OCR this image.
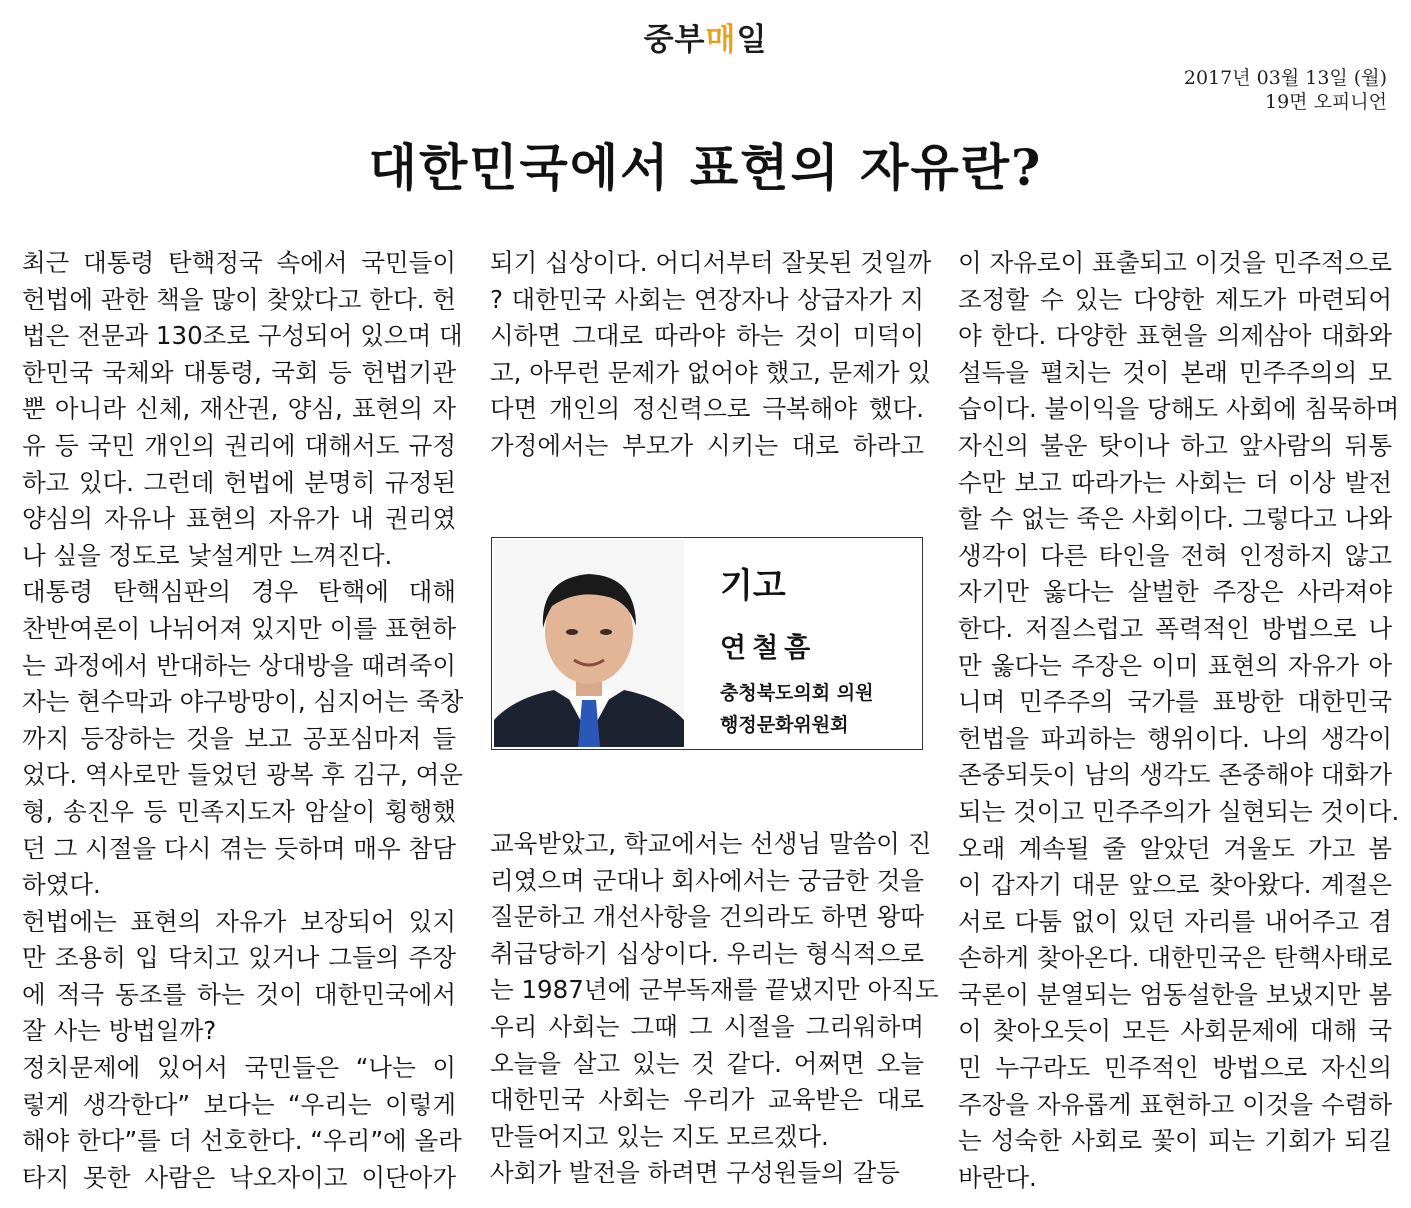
중부매일
2017년 03월 13일 (월)
19면 오피니언
대한민국에서 표현의 자유란?
최근 대통령 탄핵정국 속에서 국민들이
헌법에 관한 책을 많이 찾았다고 한다. 헌
법은 전문과 130조로 구성되어 있으며 대
한민국 국체와 대통령, 국회 등 헌법기관
뿐 아니라 신체, 재산권, 양심, 표현의 자
유 등 국민 개인의 권리에 대해서도 규정
하고 있다. 그런데 헌법에 분명히 규정된
양심의 자유나 표현의 자유가 내 권리였
나 싶을 정도로 낯설게만 느껴진다.
대통령 탄핵심판의 경우 탄핵에 대해
찬반여론이 나뉘어져 있지만 이를 표현하
는 과정에서 반대하는 상대방을 때려죽이
자는 현수막과 야구방망이, 심지어는 죽창
까지 등장하는 것을 보고 공포심마저 들
었다. 역사로만 들었던 광복 후 김구, 여운
형, 송진우 등 민족지도자 암살이 횡행했
던 그 시절을 다시 겪는 듯하며 매우 참담
하였다.
헌법에는 표현의 자유가 보장되어 있지
만 조용히 입 닥치고 있거나 그들의 주장
에 적극 동조를 하는 것이 대한민국에서
잘 사는 방법일까?
정치문제에 있어서 국민들은 “나는 이
렇게 생각한다” 보다는 “우리는 이렇게
해야 한다”를 더 선호한다. “우리”에 올라
타지 못한 사람은 낙오자이고 이단아가
되기 십상이다. 어디서부터 잘못된 것일까
? 대한민국 사회는 연장자나 상급자가 지
시하면 그대로 따라야 하는 것이 미덕이
고, 아무런 문제가 없어야 했고, 문제가 있
다면 개인의 정신력으로 극복해야 했다.
가정에서는 부모가 시키는 대로 하라고
교육받았고, 학교에서는 선생님 말씀이 진
리였으며 군대나 회사에서는 궁금한 것을
질문하고 개선사항을 건의라도 하면 왕따
취급당하기 십상이다. 우리는 형식적으로
는 1987년에 군부독재를 끝냈지만 아직도
우리 사회는 그때 그 시절을 그리워하며
오늘을 살고 있는 것 같다. 어쩌면 오늘
대한민국 사회는 우리가 교육받은 대로
만들어지고 있는 지도 모르겠다.
사회가 발전을 하려면 구성원들의 갈등
이 자유로이 표출되고 이것을 민주적으로
조정할 수 있는 다양한 제도가 마련되어
야 한다. 다양한 표현을 의제삼아 대화와
설득을 펼치는 것이 본래 민주주의의 모
습이다. 불이익을 당해도 사회에 침묵하며
자신의 불운 탓이나 하고 앞사람의 뒤통
수만 보고 따라가는 사회는 더 이상 발전
할 수 없는 죽은 사회이다. 그렇다고 나와
생각이 다른 타인을 전혀 인정하지 않고
자기만 옳다는 살벌한 주장은 사라져야
한다. 저질스럽고 폭력적인 방법으로 나
만 옳다는 주장은 이미 표현의 자유가 아
니며 민주주의 국가를 표방한 대한민국
헌법을 파괴하는 행위이다. 나의 생각이
존중되듯이 남의 생각도 존중해야 대화가
되는 것이고 민주주의가 실현되는 것이다.
오래 계속될 줄 알았던 겨울도 가고 봄
이 갑자기 대문 앞으로 찾아왔다. 계절은
서로 다툼 없이 있던 자리를 내어주고 겸
손하게 찾아온다. 대한민국은 탄핵사태로
국론이 분열되는 엄동설한을 보냈지만 봄
이 찾아오듯이 모든 사회문제에 대해 국
민 누구라도 민주적인 방법으로 자신의
주장을 자유롭게 표현하고 이것을 수렴하
는 성숙한 사회로 꽃이 피는 기회가 되길
바란다.
기고
연철흠
충청북도의회 의원
행정문화위원회
